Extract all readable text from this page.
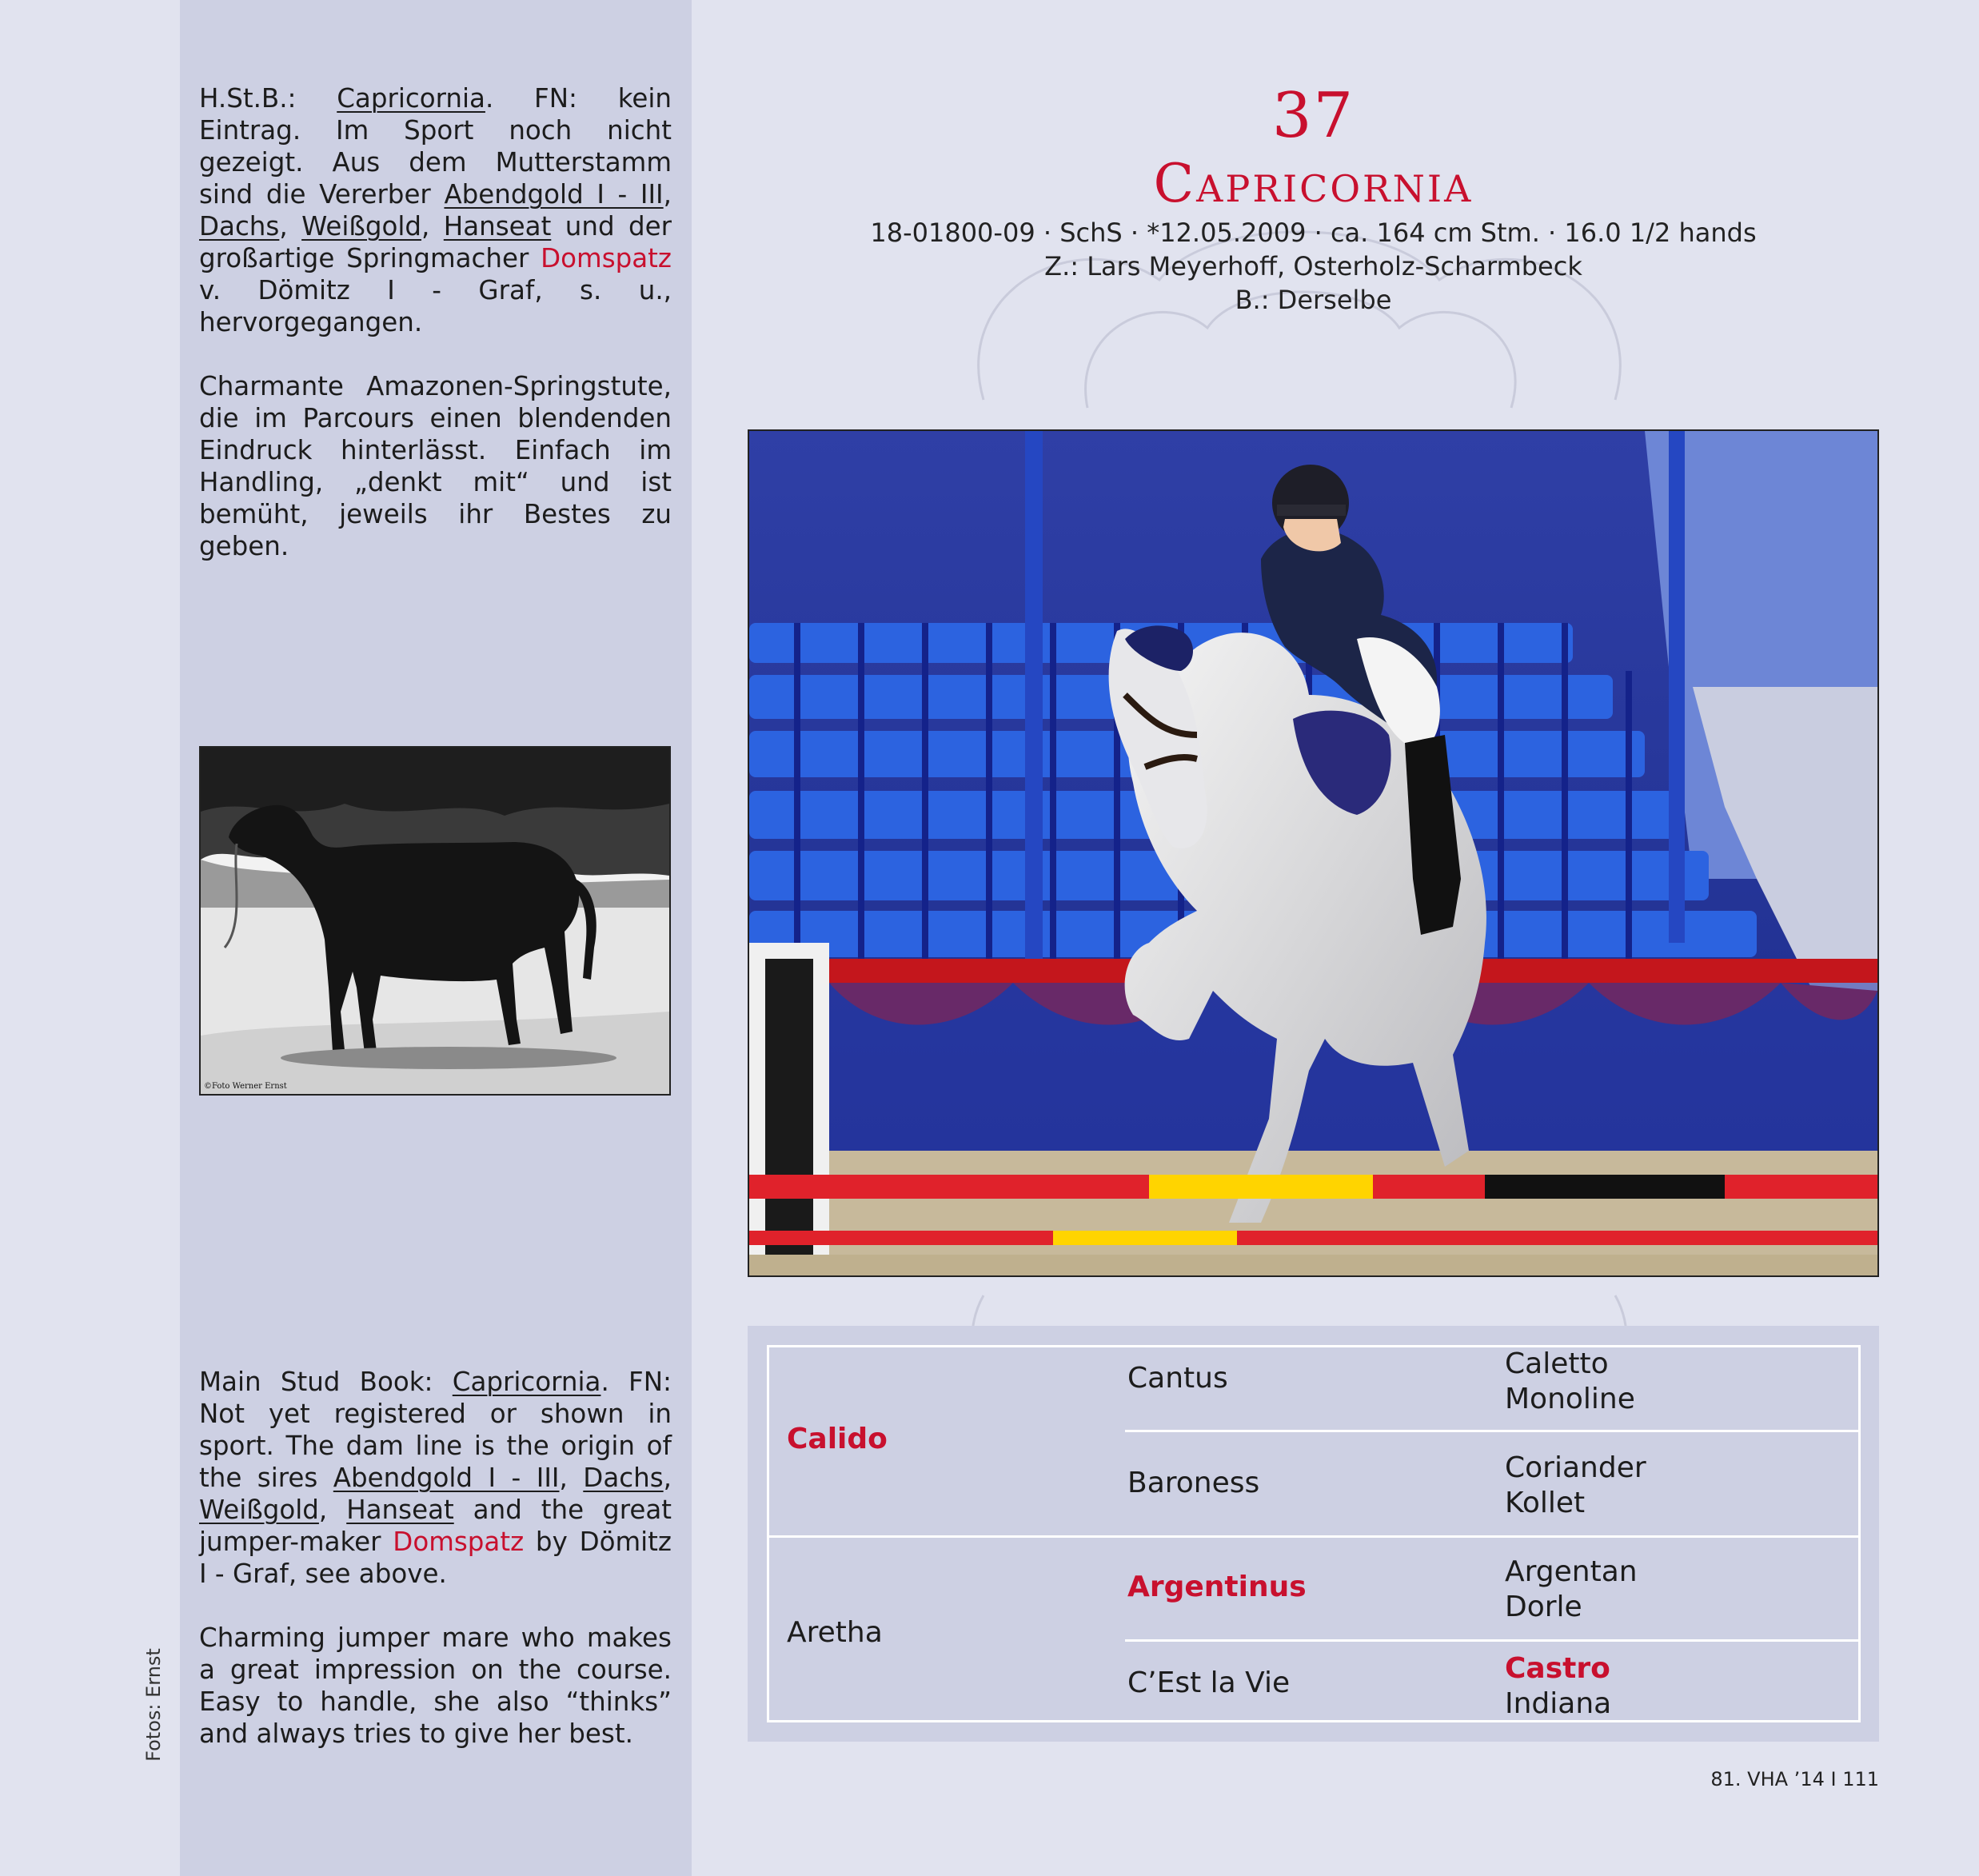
H.St.B.: Capricornia. FN: kein Eintrag. Im Sport noch nicht gezeigt. Aus dem Mutterstamm sind die Vererber Abendgold I - III, Dachs, Weißgold, Hanseat und der großartige Springmacher Domspatz v. Dömitz I - Graf, s. u., hervorgegangen.

Charmante Amazonen-Springstute, die im Parcours einen blendenden Eindruck hinterlässt. Einfach im Handling, „denkt mit“ und ist bemüht, jeweils ihr Bestes zu geben.

©Foto Werner Ernst

Main Stud Book: Capricornia. FN: Not yet registered or shown in sport. The dam line is the origin of the sires Abendgold I - III, Dachs, Weißgold, Hanseat and the great jumper-maker Domspatz by Dömitz I - Graf, see above.

Charming jumper mare who makes a great impression on the course. Easy to handle, she also “thinks” and always tries to give her best.

Fotos: Ernst
37
Capricornia
18-01800-09 · SchS · *12.05.2009 · ca. 164 cm Stm. · 16.0 1/2 hands
Z.: Lars Meyerhoff, Osterholz-Scharmbeck
B.: Derselbe
Calido
Aretha
Cantus
Baroness
Argentinus
C’Est la Vie
Caletto
Monoline
Coriander
Kollet
Argentan
Dorle
Castro
Indiana
81. VHA ’14 I 111
